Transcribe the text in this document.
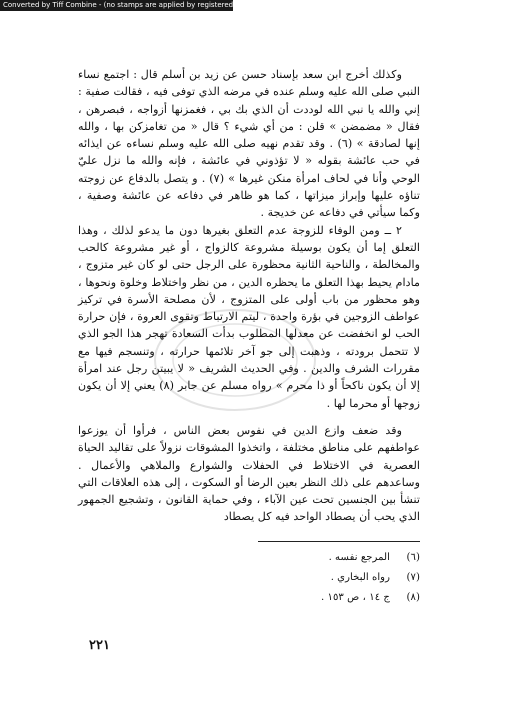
Converted by Tiff Combine - (no stamps are applied by registered version)

وكذلك أخرج ابن سعد بإسناد حسن عن زيد بن أسلم قال : اجتمع نساء النبي صلى الله عليه وسلم عنده في مرضه الذي توفى فيه ، فقالت صفية : إني والله يا نبي الله لوددت أن الذي بك بي ، فغمزنها أزواجه ، فبصرهن ، فقال « مضمضن » قلن : من أي شيء ؟ قال « من تغامزكن بها ، والله إنها لصادقة » (٦) . وقد تقدم نهيه صلى الله عليه وسلم نساءه عن ايذائه في حب عائشة بقوله « لا تؤذوني في عائشة ، فإنه والله ما نزل عليّ الوحي وأنا في لحاف امرأة منكن غيرها » (٧) . و يتصل بالدفاع عن زوجته تناؤه عليها وإبراز ميزاتها ، كما هو ظاهر في دفاعه عن عائشة وصفية ، وكما سيأتي في دفاعه عن خديجة .

٢ ــ ومن الوفاء للزوجة عدم التعلق بغيرها دون ما يدعو لذلك ، وهذا التعلق إما أن يكون بوسيلة مشروعة كالزواج ، أو غير مشروعة كالحب والمخالطة ، والناحية الثانية محظورة على الرجل حتى لو كان غير متزوج ، مادام يحيط بهذا التعلق ما يحظره الدين ، من نظر واختلاط وخلوة ونحوها ، وهو محظور من باب أولى على المتزوج ، لأن مصلحة الأسرة في تركيز عواطف الزوجين في بؤرة واحدة ، ليتم الارتباط وتقوى العروة ، فإن حرارة الحب لو انخفضت عن معدلها المطلوب بدأت السعادة تهجر هذا الجو الذي لا تتحمل برودته ، وذهبت إلى جو آخر تلائمها حرارته ، وتنسجم فيها مع مقررات الشرف والدين . وفي الحديث الشريف « لا يبيتن رجل عند امرأة إلا أن يكون ناكحاً أو ذا محرم » رواه مسلم عن جابر (٨) يعني إلا أن يكون زوجها أو محرما لها .

وقد ضعف وازع الدين في نفوس بعض الناس ، فرأوا أن يوزعوا عواطفهم على مناطق مختلفة ، واتخذوا المشوقات نزولاً على تقاليد الحياة العصرية في الاختلاط في الحفلات والشوارع والملاهي والأعمال . وساعدهم على ذلك النظر بعين الرضا أو السكوت ، إلى هذه العلاقات التي تنشأ بين الجنسين تحت عين الآباء ، وفي حماية القانون ، وتشجيع الجمهور الذي يحب أن يصطاد الواحد فيه كل يصطاد

(٦)
المرجع نفسه .
(٧)
رواه البخاري .
(٨)
ج ١٤ ، ص ١٥٣ .
٢٢١
